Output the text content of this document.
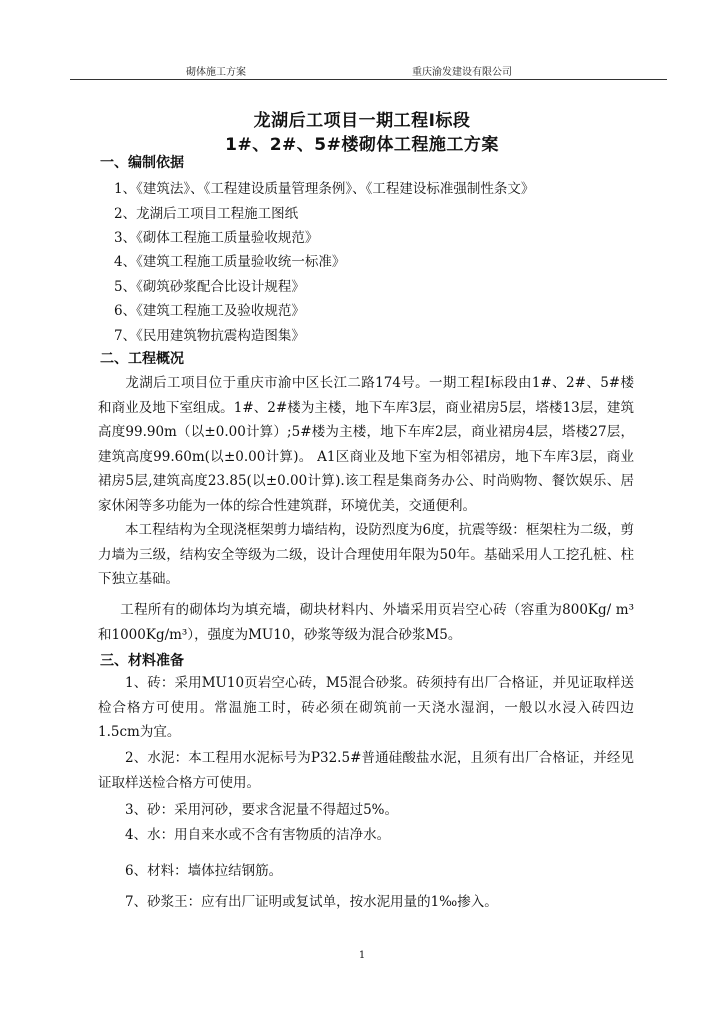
砌体施工方案	重庆渝发建设有限公司
龙湖后工项目一期工程Ⅰ标段
1#、2#、5#楼砌体工程施工方案
一、编制依据
1、《建筑法》、《工程建设质量管理条例》、《工程建设标准强制性条文》
2、龙湖后工项目工程施工图纸
3、《砌体工程施工质量验收规范》
4、《建筑工程施工质量验收统一标准》
5、《砌筑砂浆配合比设计规程》
6、《建筑工程施工及验收规范》
7、《民用建筑物抗震构造图集》
二、工程概况
龙湖后工项目位于重庆市渝中区长江二路174号。一期工程Ⅰ标段由1#、2#、5#楼和商业及地下室组成。1#、2#楼为主楼，地下车库3层，商业裙房5层，塔楼13层，建筑高度99.90m（以±0.00计算）;5#楼为主楼，地下车库2层，商业裙房4层，塔楼27层，建筑高度99.60m(以±0.00计算)。 A1区商业及地下室为相邻裙房，地下车库3层，商业裙房5层,建筑高度23.85(以±0.00计算).该工程是集商务办公、时尚购物、餐饮娱乐、居家休闲等多功能为一体的综合性建筑群，环境优美，交通便利。
本工程结构为全现浇框架剪力墙结构，设防烈度为6度，抗震等级：框架柱为二级，剪力墙为三级，结构安全等级为二级，设计合理使用年限为50年。基础采用人工挖孔桩、柱下独立基础。
工程所有的砌体均为填充墙，砌块材料内、外墙采用页岩空心砖（容重为800Kg/ m³和1000Kg/m³），强度为MU10，砂浆等级为混合砂浆M5。
三、材料准备
1、砖：采用MU10页岩空心砖，M5混合砂浆。砖须持有出厂合格证，并见证取样送检合格方可使用。常温施工时，砖必须在砌筑前一天浇水湿润，一般以水浸入砖四边 1.5cm为宜。
2、水泥：本工程用水泥标号为P32.5#普通硅酸盐水泥，且须有出厂合格证，并经见证取样送检合格方可使用。
3、砂：采用河砂，要求含泥量不得超过5%。
4、水：用自来水或不含有害物质的洁净水。
6、材料：墙体拉结钢筋。
7、砂浆王：应有出厂证明或复试单，按水泥用量的1‰掺入。
1
